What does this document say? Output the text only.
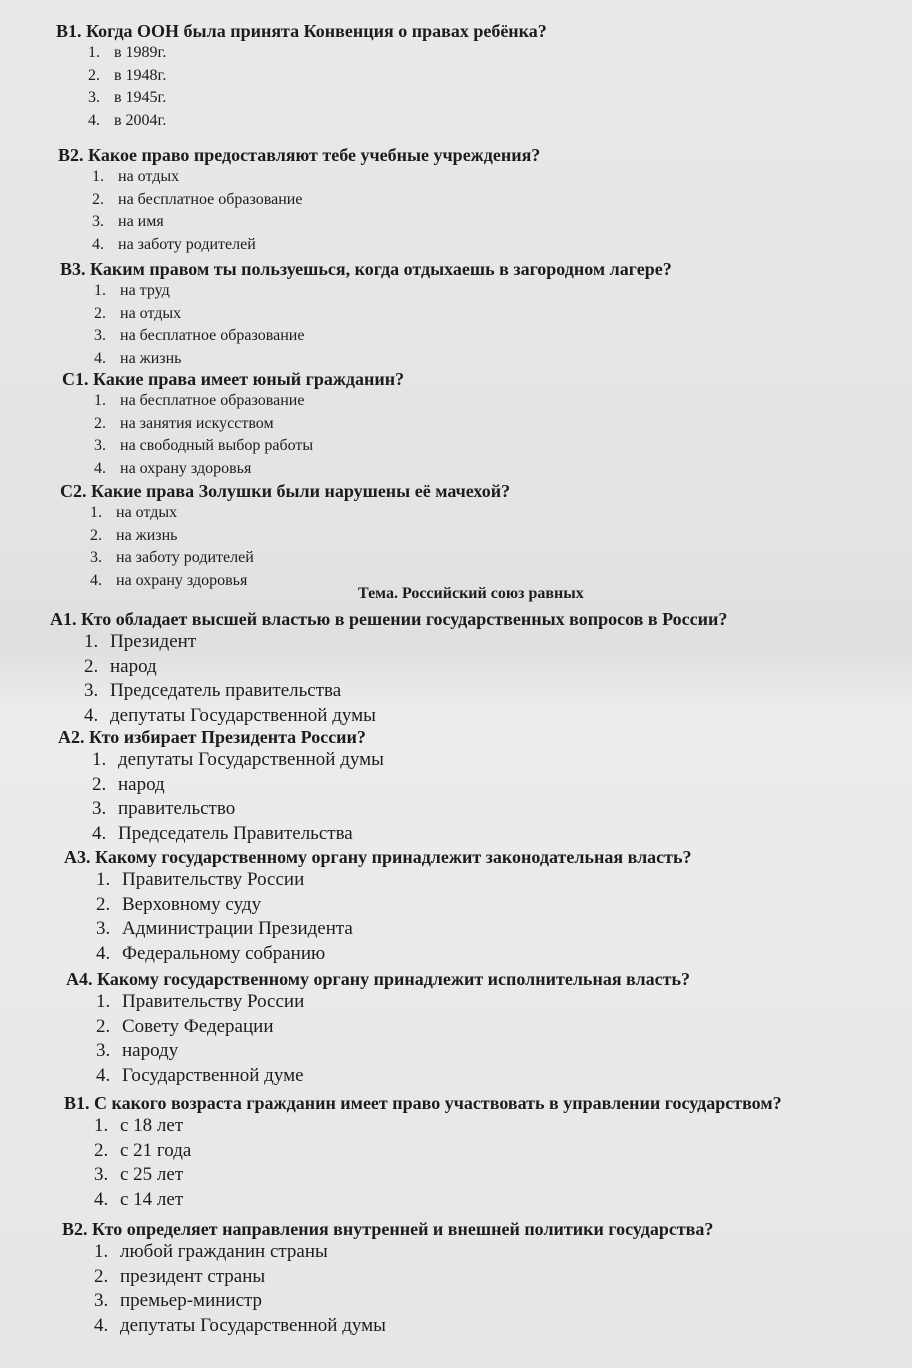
В1. Когда ООН была принята Конвенция о правах ребёнка?
1. в 1989г.
2. в 1948г.
3. в 1945г.
4. в 2004г.
В2. Какое право предоставляют тебе учебные учреждения?
1. на отдых
2. на бесплатное образование
3. на имя
4. на заботу родителей
В3. Каким правом ты пользуешься, когда отдыхаешь в загородном лагере?
1. на труд
2. на отдых
3. на бесплатное образование
4. на жизнь
С1. Какие права имеет юный гражданин?
1. на бесплатное образование
2. на занятия искусством
3. на свободный выбор работы
4. на охрану здоровья
С2. Какие права Золушки были нарушены её мачехой?
1. на отдых
2. на жизнь
3. на заботу родителей
4. на охрану здоровья
Тема. Российский союз равных
А1. Кто обладает высшей властью в решении государственных вопросов в России?
1. Президент
2. народ
3. Председатель правительства
4. депутаты Государственной думы
А2. Кто избирает Президента России?
1. депутаты Государственной думы
2. народ
3. правительство
4. Председатель Правительства
А3. Какому государственному органу принадлежит законодательная власть?
1. Правительству России
2. Верховному суду
3. Администрации Президента
4. Федеральному собранию
А4. Какому государственному органу принадлежит исполнительная власть?
1. Правительству России
2. Совету Федерации
3. народу
4. Государственной думе
В1. С какого возраста гражданин имеет право участвовать в управлении государством?
1. с 18 лет
2. с 21 года
3. с 25 лет
4. с 14 лет
В2. Кто определяет направления внутренней и внешней политики государства?
1. любой гражданин страны
2. президент страны
3. премьер-министр
4. депутаты Государственной думы
